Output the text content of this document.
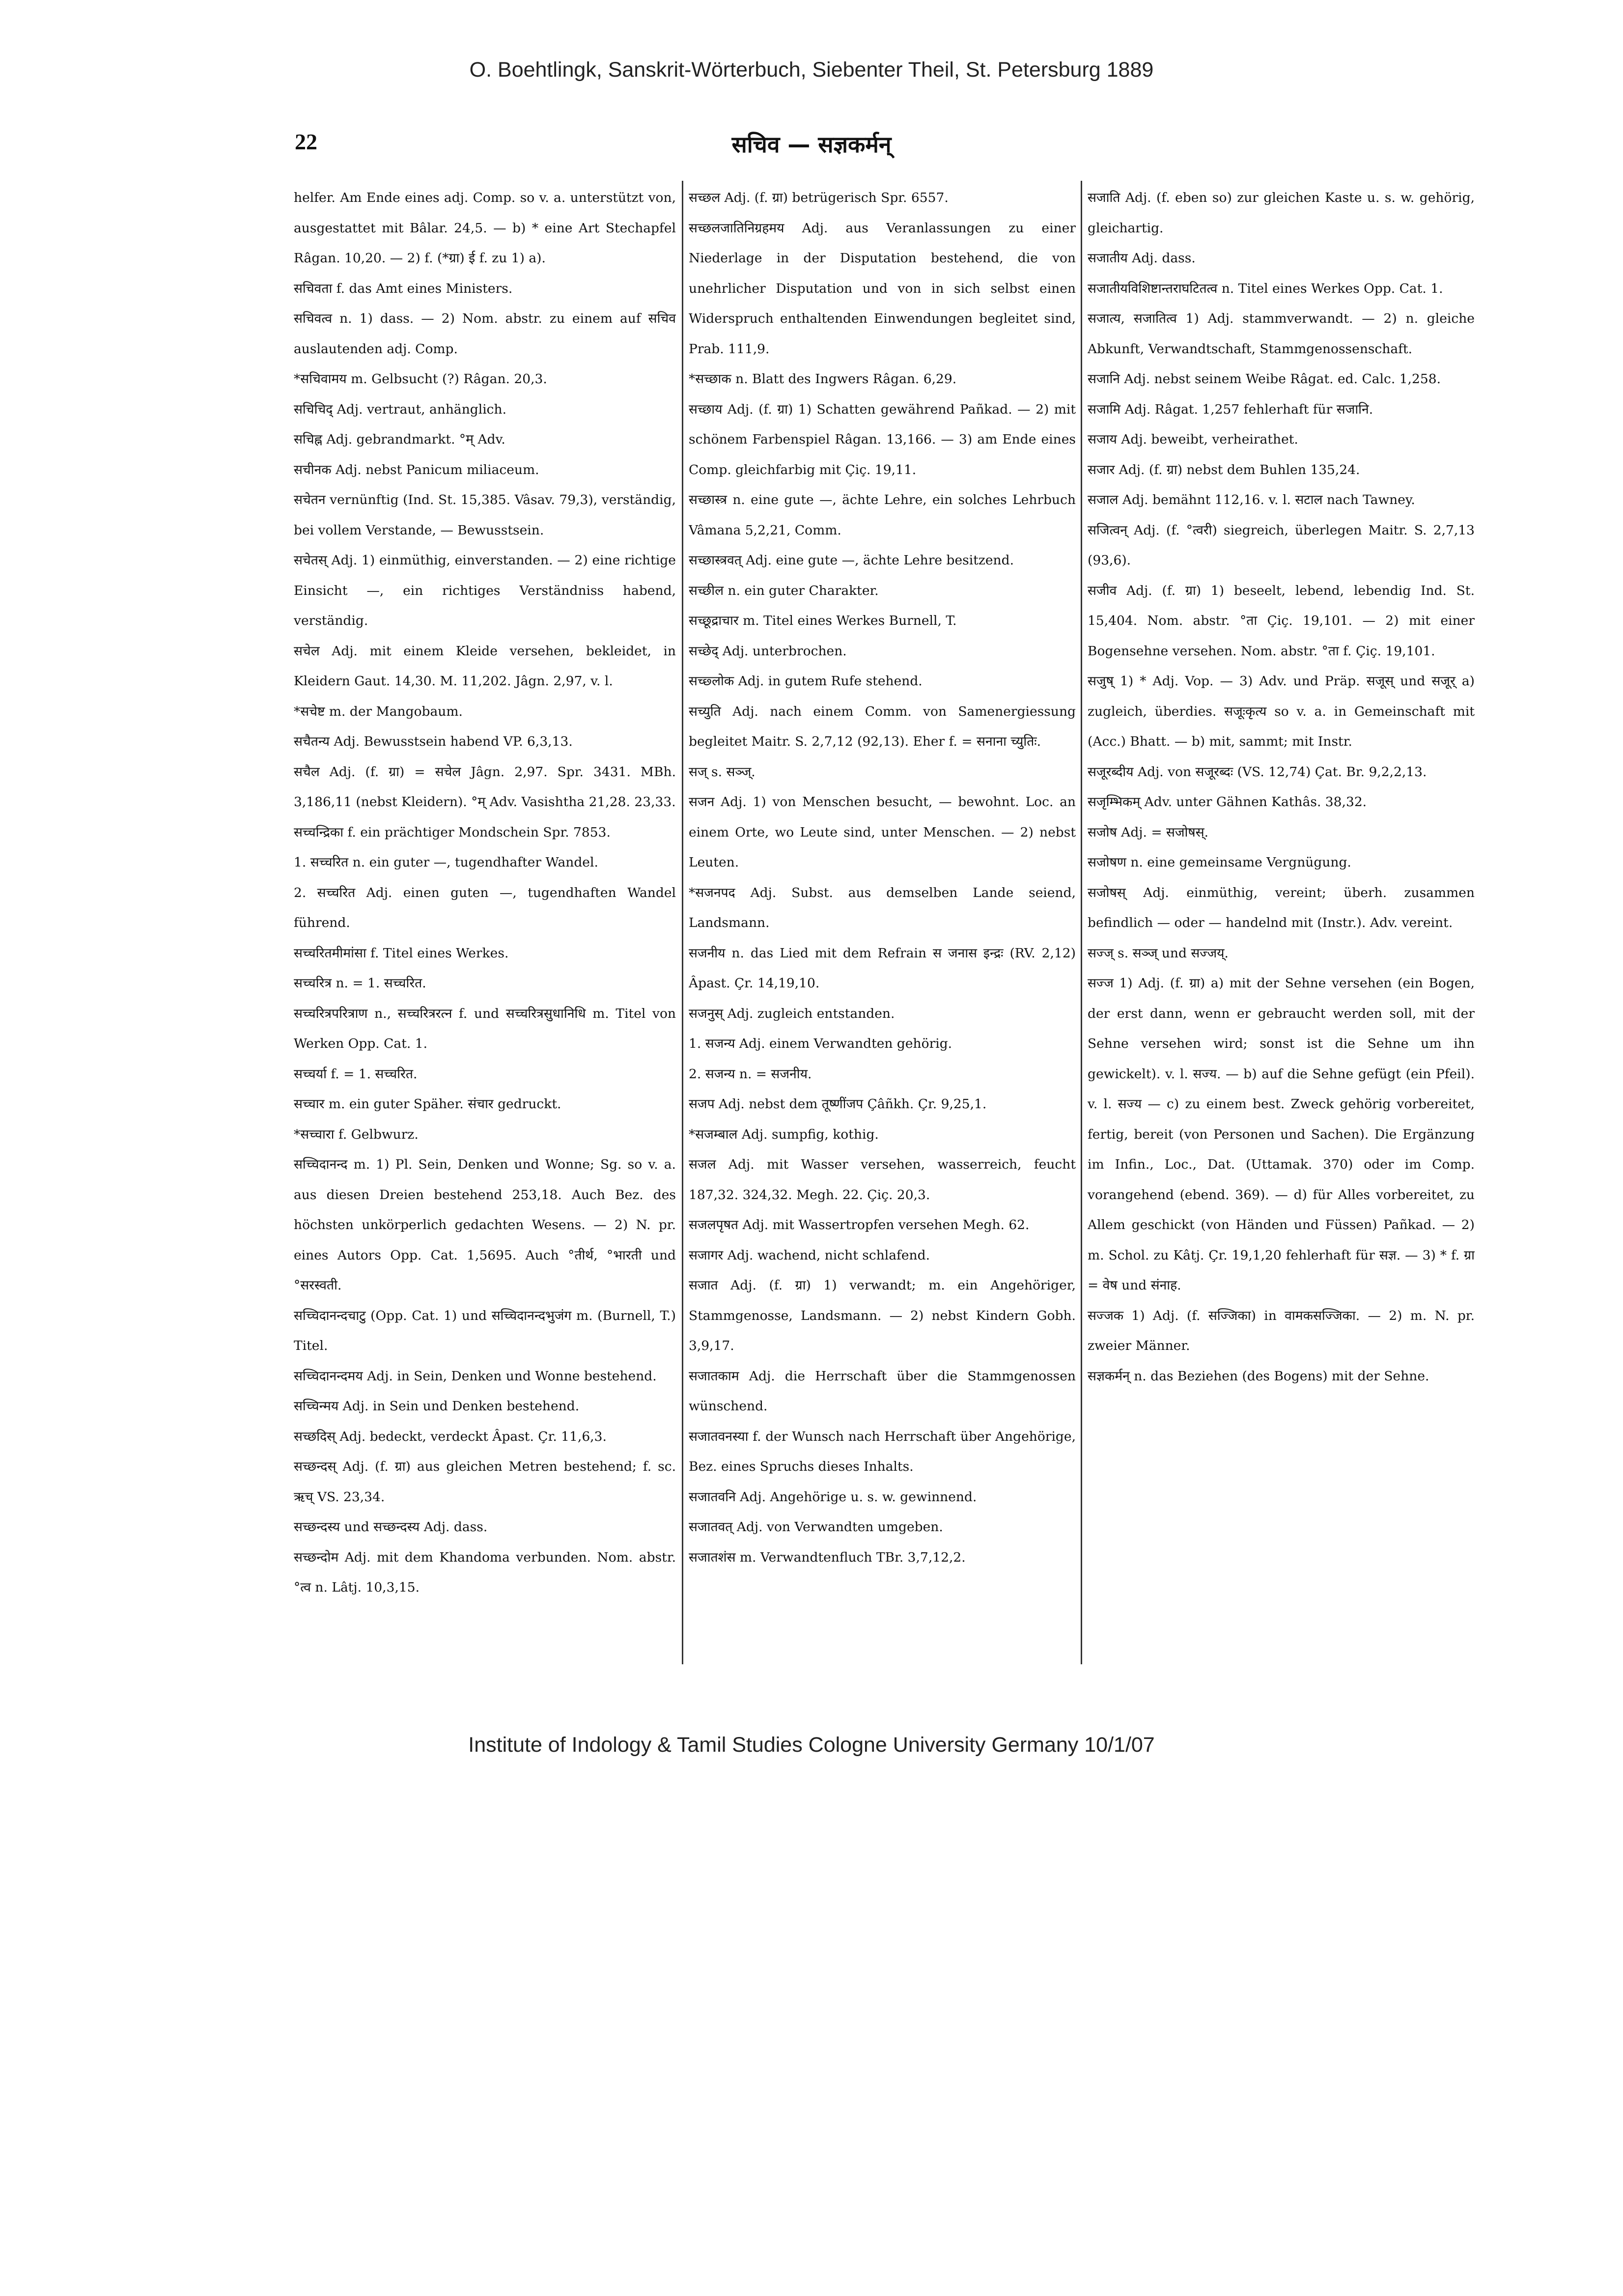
O. Boehtlingk, Sanskrit-Wörterbuch, Siebenter Theil, St. Petersburg 1889
22	सचिव — सज्ञकर्मन्

helfer. Am Ende eines adj. Comp. so v. a. unterstützt von, ausgestattet mit Bâlar. 24,5. — b) * eine Art Stechapfel Râgan. 10,20. — 2) f. (*ग्रा) ई f. zu 1) a).

सचिवता f. das Amt eines Ministers.

सचिवत्व n. 1) dass. — 2) Nom. abstr. zu einem auf सचिव auslautenden adj. Comp.

*सचिवामय m. Gelbsucht (?) Râgan. 20,3.

सचिचिद् Adj. vertraut, anhänglich.

सचिह्न Adj. gebrandmarkt. °म् Adv.

सचीनक Adj. nebst Panicum miliaceum.

सचेतन vernünftig (Ind. St. 15,385. Vâsav. 79,3), verständig, bei vollem Verstande, — Bewusstsein.

सचेतस् Adj. 1) einmüthig, einverstanden. — 2) eine richtige Einsicht —, ein richtiges Verständniss habend, verständig.

सचेल Adj. mit einem Kleide versehen, bekleidet, in Kleidern Gaut. 14,30. M. 11,202. Jâgn. 2,97, v. l.

*सचेष्ट m. der Mangobaum.

सचैतन्य Adj. Bewusstsein habend VP. 6,3,13.

सचैल Adj. (f. ग्रा) = सचेल Jâgn. 2,97. Spr. 3431. MBh. 3,186,11 (nebst Kleidern). °म् Adv. Vasishtha 21,28. 23,33.

सच्चन्द्रिका f. ein prächtiger Mondschein Spr. 7853.

1. सच्चरित n. ein guter —, tugendhafter Wandel.

2. सच्चरित Adj. einen guten —, tugendhaften Wandel führend.

सच्चरितमीमांसा f. Titel eines Werkes.

सच्चरित्र n. = 1. सच्चरित.

सच्चरित्रपरित्राण n., सच्चरित्ररत्न f. und सच्चरित्रसुधानिधि m. Titel von Werken Opp. Cat. 1.

सच्चर्या f. = 1. सच्चरित.

सच्चार m. ein guter Späher. संचार gedruckt.

*सच्चारा f. Gelbwurz.

सच्चिदानन्द m. 1) Pl. Sein, Denken und Wonne; Sg. so v. a. aus diesen Dreien bestehend 253,18. Auch Bez. des höchsten unkörperlich gedachten Wesens. — 2) N. pr. eines Autors Opp. Cat. 1,5695. Auch °तीर्थ, °भारती und °सरस्वती.

सच्चिदानन्दचाटु (Opp. Cat. 1) und सच्चिदानन्दभुजंग m. (Burnell, T.) Titel.

सच्चिदानन्दमय Adj. in Sein, Denken und Wonne bestehend.

सच्चिन्मय Adj. in Sein und Denken bestehend.

सच्छदिस् Adj. bedeckt, verdeckt Âpast. Çr. 11,6,3.

सच्छन्दस् Adj. (f. ग्रा) aus gleichen Metren bestehend; f. sc. ऋच् VS. 23,34.

सच्छन्दस्य und सच्छन्दस्य Adj. dass.

सच्छन्दोम Adj. mit dem Khandoma verbunden. Nom. abstr. °त्व n. Lâtj. 10,3,15.

सच्छल Adj. (f. ग्रा) betrügerisch Spr. 6557.

सच्छलजातिनिग्रहमय Adj. aus Veranlassungen zu einer Niederlage in der Disputation bestehend, die von unehrlicher Disputation und von in sich selbst einen Widerspruch enthaltenden Einwendungen begleitet sind, Prab. 111,9.

*सच्छाक n. Blatt des Ingwers Râgan. 6,29.

सच्छाय Adj. (f. ग्रा) 1) Schatten gewährend Pañkad. — 2) mit schönem Farbenspiel Râgan. 13,166. — 3) am Ende eines Comp. gleichfarbig mit Çiç. 19,11.

सच्छास्त्र n. eine gute —, ächte Lehre, ein solches Lehrbuch Vâmana 5,2,21, Comm.

सच्छास्त्रवत् Adj. eine gute —, ächte Lehre besitzend.

सच्छील n. ein guter Charakter.

सच्छूद्राचार m. Titel eines Werkes Burnell, T.

सच्छेद् Adj. unterbrochen.

सच्छ्लोक Adj. in gutem Rufe stehend.

सच्युति Adj. nach einem Comm. von Samenergiessung begleitet Maitr. S. 2,7,12 (92,13). Eher f. = सनाना च्युतिः.

सज् s. सञ्ज्.

सजन Adj. 1) von Menschen besucht, — bewohnt. Loc. an einem Orte, wo Leute sind, unter Menschen. — 2) nebst Leuten.

*सजनपद Adj. Subst. aus demselben Lande seiend, Landsmann.

सजनीय n. das Lied mit dem Refrain स जनास इन्द्रः (RV. 2,12) Âpast. Çr. 14,19,10.

सजनुस् Adj. zugleich entstanden.

1. सजन्य Adj. einem Verwandten gehörig.

2. सजन्य n. = सजनीय.

सजप Adj. nebst dem तूष्णींजप Çâñkh. Çr. 9,25,1.

*सजम्बाल Adj. sumpfig, kothig.

सजल Adj. mit Wasser versehen, wasserreich, feucht 187,32. 324,32. Megh. 22. Çiç. 20,3.

सजलपृषत Adj. mit Wassertropfen versehen Megh. 62.

सजागर Adj. wachend, nicht schlafend.

सजात Adj. (f. ग्रा) 1) verwandt; m. ein Angehöriger, Stammgenosse, Landsmann. — 2) nebst Kindern Gobh. 3,9,17.

सजातकाम Adj. die Herrschaft über die Stammgenossen wünschend.

सजातवनस्या f. der Wunsch nach Herrschaft über Angehörige, Bez. eines Spruchs dieses Inhalts.

सजातवनि Adj. Angehörige u. s. w. gewinnend.

सजातवत् Adj. von Verwandten umgeben.

सजातशंस m. Verwandtenfluch TBr. 3,7,12,2.

सजाति Adj. (f. eben so) zur gleichen Kaste u. s. w. gehörig, gleichartig.

सजातीय Adj. dass.

सजातीयविशिष्टान्तराघटितत्व n. Titel eines Werkes Opp. Cat. 1.

सजात्य, सजातित्व 1) Adj. stammverwandt. — 2) n. gleiche Abkunft, Verwandtschaft, Stammgenossenschaft.

सजानि Adj. nebst seinem Weibe Râgat. ed. Calc. 1,258.

सजामि Adj. Râgat. 1,257 fehlerhaft für सजानि.

सजाय Adj. beweibt, verheirathet.

सजार Adj. (f. ग्रा) nebst dem Buhlen 135,24.

सजाल Adj. bemähnt 112,16. v. l. सटाल nach Tawney.

सजित्वन् Adj. (f. °त्वरी) siegreich, überlegen Maitr. S. 2,7,13 (93,6).

सजीव Adj. (f. ग्रा) 1) beseelt, lebend, lebendig Ind. St. 15,404. Nom. abstr. °ता Çiç. 19,101. — 2) mit einer Bogensehne versehen. Nom. abstr. °ता f. Çiç. 19,101.

सजुष् 1) * Adj. Vop. — 3) Adv. und Präp. सजूस् und सजूर् a) zugleich, überdies. सजूःकृत्य so v. a. in Gemeinschaft mit (Acc.) Bhatt. — b) mit, sammt; mit Instr.

सजूरब्दीय Adj. von सजूरब्दः (VS. 12,74) Çat. Br. 9,2,2,13.

सजृम्भिकम् Adv. unter Gähnen Kathâs. 38,32.

सजोष Adj. = सजोषस्.

सजोषण n. eine gemeinsame Vergnügung.

सजोषस् Adj. einmüthig, vereint; überh. zusammen befindlich — oder — handelnd mit (Instr.). Adv. vereint.

सज्ज् s. सञ्ज् und सज्जय्.

सज्ज 1) Adj. (f. ग्रा) a) mit der Sehne versehen (ein Bogen, der erst dann, wenn er gebraucht werden soll, mit der Sehne versehen wird; sonst ist die Sehne um ihn gewickelt). v. l. सज्य. — b) auf die Sehne gefügt (ein Pfeil). v. l. सज्य — c) zu einem best. Zweck gehörig vorbereitet, fertig, bereit (von Personen und Sachen). Die Ergänzung im Infin., Loc., Dat. (Uttamak. 370) oder im Comp. vorangehend (ebend. 369). — d) für Alles vorbereitet, zu Allem geschickt (von Händen und Füssen) Pañkad. — 2) m. Schol. zu Kâtj. Çr. 19,1,20 fehlerhaft für सज्ञ. — 3) * f. ग्रा = वेष und संनाह.

सज्जक 1) Adj. (f. सज्जिका) in वामकसज्जिका. — 2) m. N. pr. zweier Männer.

सज्ञकर्मन् n. das Beziehen (des Bogens) mit der Sehne.

Institute of Indology & Tamil Studies Cologne University Germany 10/1/07
